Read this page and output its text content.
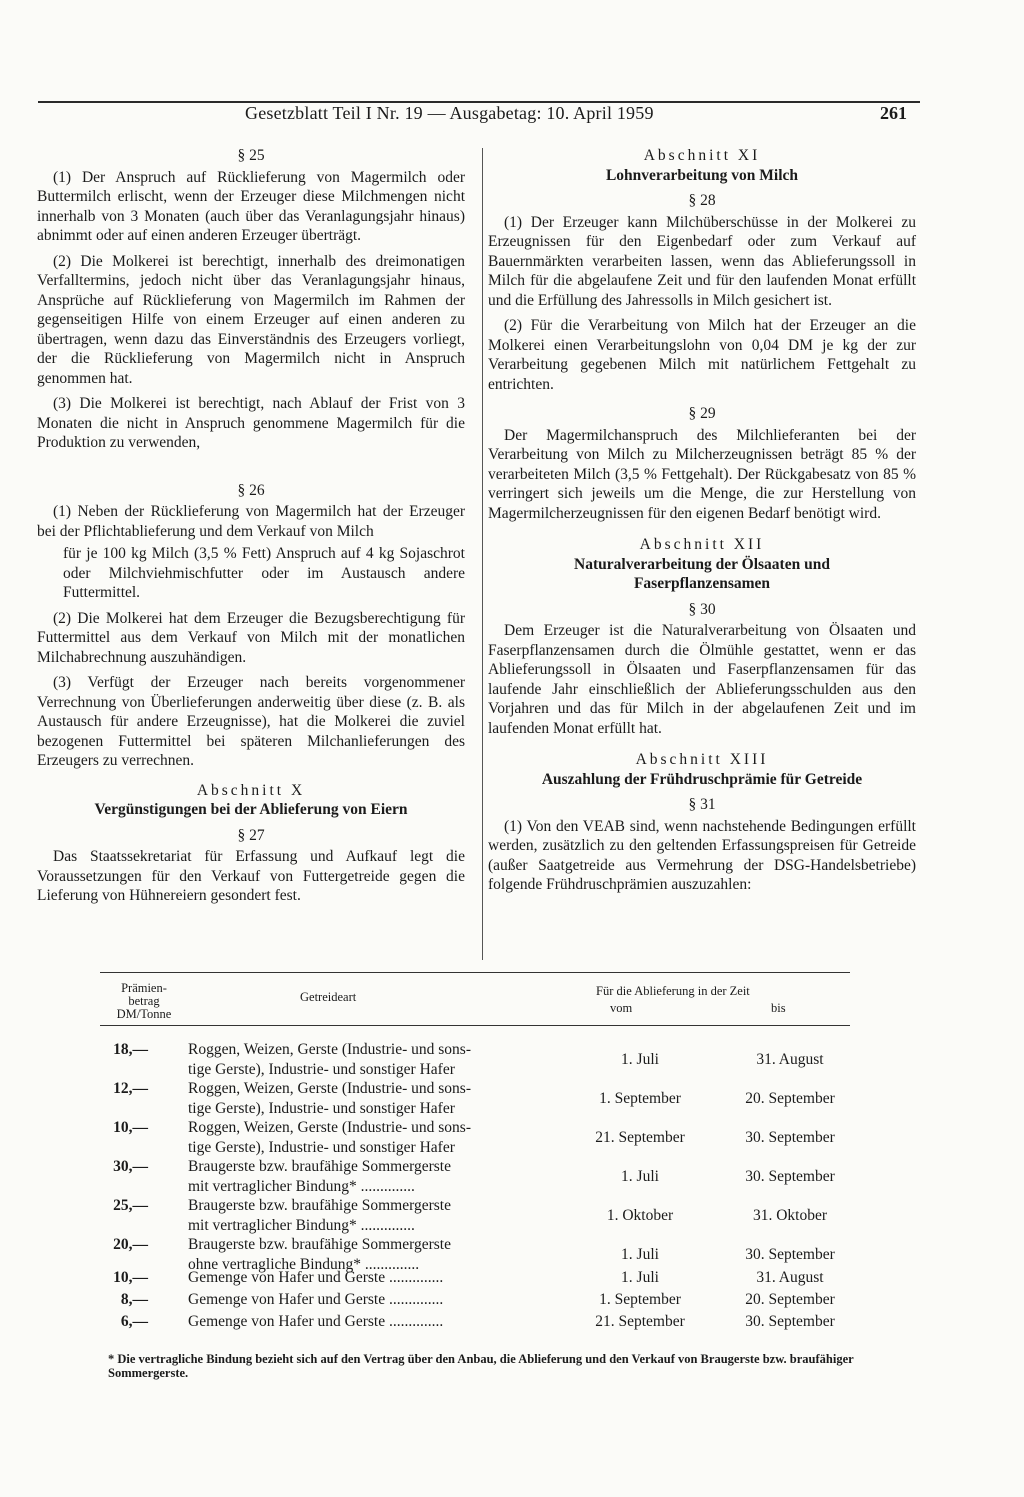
Gesetzblatt Teil I Nr. 19 — Ausgabetag: 10. April 1959	261
§ 25

(1) Der Anspruch auf Rücklieferung von Magermilch oder Buttermilch erlischt, wenn der Erzeuger diese Milchmengen nicht innerhalb von 3 Monaten (auch über das Veranlagungsjahr hinaus) abnimmt oder auf einen anderen Erzeuger überträgt.

(2) Die Molkerei ist berechtigt, innerhalb des dreimonatigen Verfalltermins, jedoch nicht über das Veranlagungsjahr hinaus, Ansprüche auf Rücklieferung von Magermilch im Rahmen der gegenseitigen Hilfe von einem Erzeuger auf einen anderen zu übertragen, wenn dazu das Einverständnis des Erzeugers vorliegt, der die Rücklieferung von Magermilch nicht in Anspruch genommen hat.

(3) Die Molkerei ist berechtigt, nach Ablauf der Frist von 3 Monaten die nicht in Anspruch genommene Magermilch für die Produktion zu verwenden,

§ 26

(1) Neben der Rücklieferung von Magermilch hat der Erzeuger bei der Pflichtablieferung und dem Verkauf von Milch

für je 100 kg Milch (3,5 % Fett) Anspruch auf 4 kg Sojaschrot oder Milchviehmischfutter oder im Austausch andere Futtermittel.

(2) Die Molkerei hat dem Erzeuger die Bezugsberechtigung für Futtermittel aus dem Verkauf von Milch mit der monatlichen Milchabrechnung auszuhändigen.

(3) Verfügt der Erzeuger nach bereits vorgenommener Verrechnung von Überlieferungen anderweitig über diese (z. B. als Austausch für andere Erzeugnisse), hat die Molkerei die zuviel bezogenen Futtermittel bei späteren Milchanlieferungen des Erzeugers zu verrechnen.

Abschnitt X
Vergünstigungen bei der Ablieferung von Eiern
§ 27

Das Staatssekretariat für Erfassung und Aufkauf legt die Voraussetzungen für den Verkauf von Futtergetreide gegen die Lieferung von Hühnereiern gesondert fest.

Abschnitt XI
Lohnverarbeitung von Milch
§ 28

(1) Der Erzeuger kann Milchüberschüsse in der Molkerei zu Erzeugnissen für den Eigenbedarf oder zum Verkauf auf Bauernmärkten verarbeiten lassen, wenn das Ablieferungssoll in Milch für die abgelaufene Zeit und für den laufenden Monat erfüllt und die Erfüllung des Jahressolls in Milch gesichert ist.

(2) Für die Verarbeitung von Milch hat der Erzeuger an die Molkerei einen Verarbeitungslohn von 0,04 DM je kg der zur Verarbeitung gegebenen Milch mit natürlichem Fettgehalt zu entrichten.

§ 29

Der Magermilchanspruch des Milchlieferanten bei der Verarbeitung von Milch zu Milcherzeugnissen beträgt 85 % der verarbeiteten Milch (3,5 % Fettgehalt). Der Rückgabesatz von 85 % verringert sich jeweils um die Menge, die zur Herstellung von Magermilcherzeugnissen für den eigenen Bedarf benötigt wird.

Abschnitt XII
Naturalverarbeitung der Ölsaaten und
Faserpflanzensamen
§ 30

Dem Erzeuger ist die Naturalverarbeitung von Ölsaaten und Faserpflanzensamen durch die Ölmühle gestattet, wenn er das Ablieferungssoll in Ölsaaten und Faserpflanzensamen für das laufende Jahr einschließlich der Ablieferungsschulden aus den Vorjahren und das für Milch in der abgelaufenen Zeit und im laufenden Monat erfüllt hat.

Abschnitt XIII
Auszahlung der Frühdruschprämie für Getreide
§ 31

(1) Von den VEAB sind, wenn nachstehende Bedingungen erfüllt werden, zusätzlich zu den geltenden Erfassungspreisen für Getreide (außer Saatgetreide aus Vermehrung der DSG-Handelsbetriebe) folgende Frühdruschprämien auszuzahlen:

Prämien-
betrag
DM/Tonne
Getreideart	Für die Ablieferung in der Zeit
vom	bis
18,—	Roggen, Weizen, Gerste (Industrie- und sons-
tige Gerste), Industrie- und sonstiger Hafer
1. Juli	31. August
12,—	Roggen, Weizen, Gerste (Industrie- und sons-
tige Gerste), Industrie- und sonstiger Hafer
1. September	20. September
10,—	Roggen, Weizen, Gerste (Industrie- und sons-
tige Gerste), Industrie- und sonstiger Hafer
21. September	30. September
30,—	Braugerste bzw. braufähige Sommergerste
mit vertraglicher Bindung* ..............
1. Juli	30. September
25,—	Braugerste bzw. braufähige Sommergerste
mit vertraglicher Bindung* ..............
1. Oktober	31. Oktober
20,—	Braugerste bzw. braufähige Sommergerste
ohne vertragliche Bindung* ..............
1. Juli	30. September
10,—	Gemenge von Hafer und Gerste ..............	1. Juli	31. August
8,—	Gemenge von Hafer und Gerste ..............	1. September	20. September
6,—	Gemenge von Hafer und Gerste ..............	21. September	30. September
* Die vertragliche Bindung bezieht sich auf den Vertrag über den Anbau, die Ablieferung und den Verkauf von Braugerste bzw. braufähiger Sommergerste.
